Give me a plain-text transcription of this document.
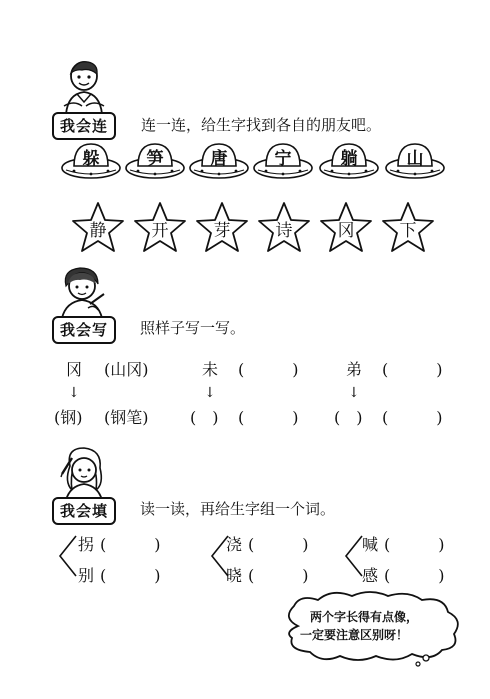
我会连	连一连，给生字找到各自的朋友吧。
躲	笋	唐	宁	躺	山
静	开	芽	诗	冈	下
我会写	照样子写一写。
冈 (山冈)
↓
(钢) (钢笔)
未 (　　　)
↓
(　) (　　　)
弟 (　　　)
↓
(　) (　　　)
我会填	读一读，再给生字组一个词。
拐 (　　　)
别 (　　　)
浇 (　　　)
晓 (　　　)
喊 (　　　)
感 (　　　)
两个字长得有点像，
一定要注意区别呀！
